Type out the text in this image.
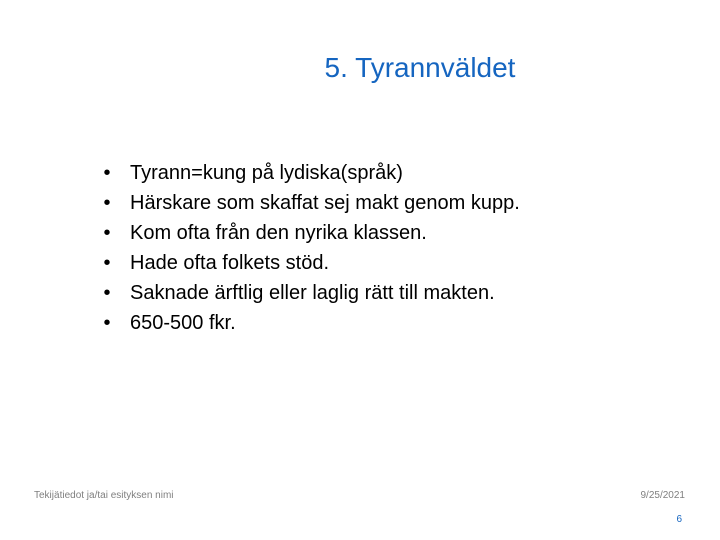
5. Tyrannväldet
• Tyrann=kung på lydiska(språk)
• Härskare som skaffat sej makt genom kupp.
• Kom ofta från den nyrika klassen.
• Hade ofta folkets stöd.
• Saknade ärftlig eller laglig rätt till makten.
• 650-500 fkr.
Tekijätiedot ja/tai esityksen nimi	9/25/2021
6
